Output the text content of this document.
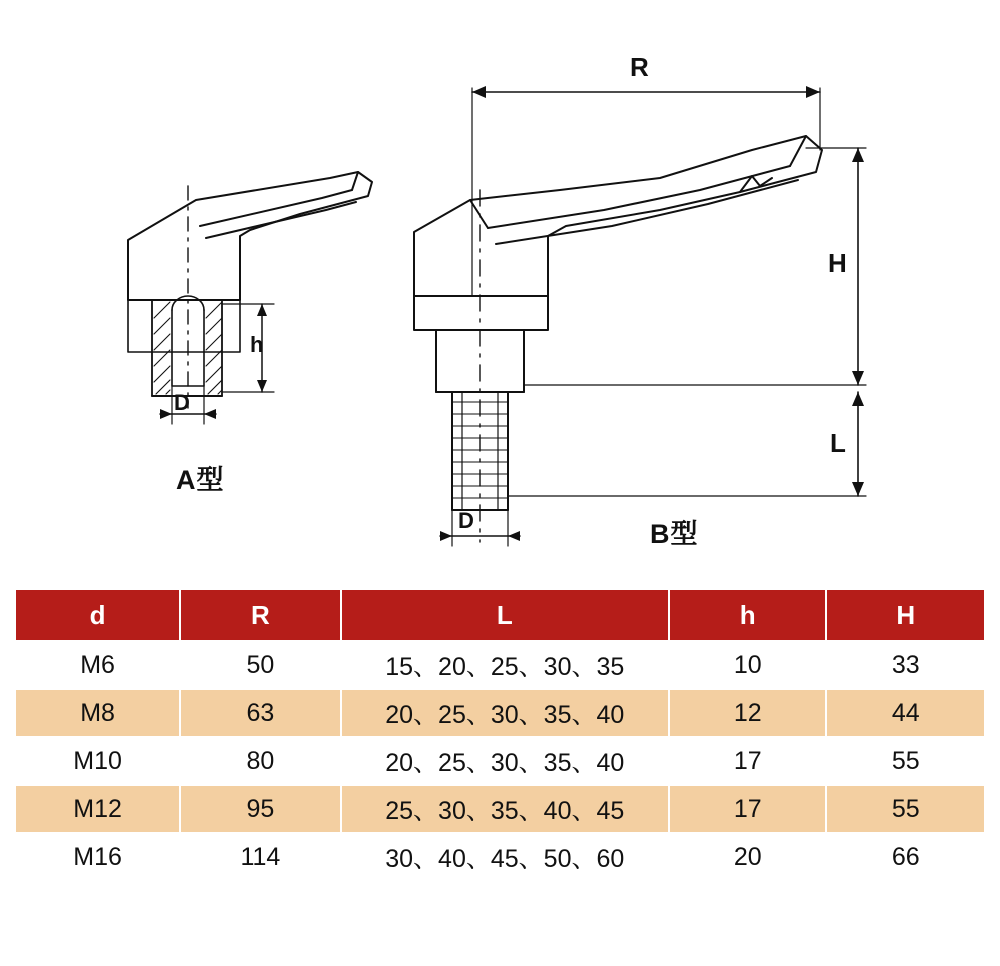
A型
B型
R
H
L
h
D
D
d	R	L	h	H
M6	50	15、20、25、30、35	10	33
M8	63	20、25、30、35、40	12	44
M10	80	20、25、30、35、40	17	55
M12	95	25、30、35、40、45	17	55
M16	114	30、40、45、50、60	20	66
